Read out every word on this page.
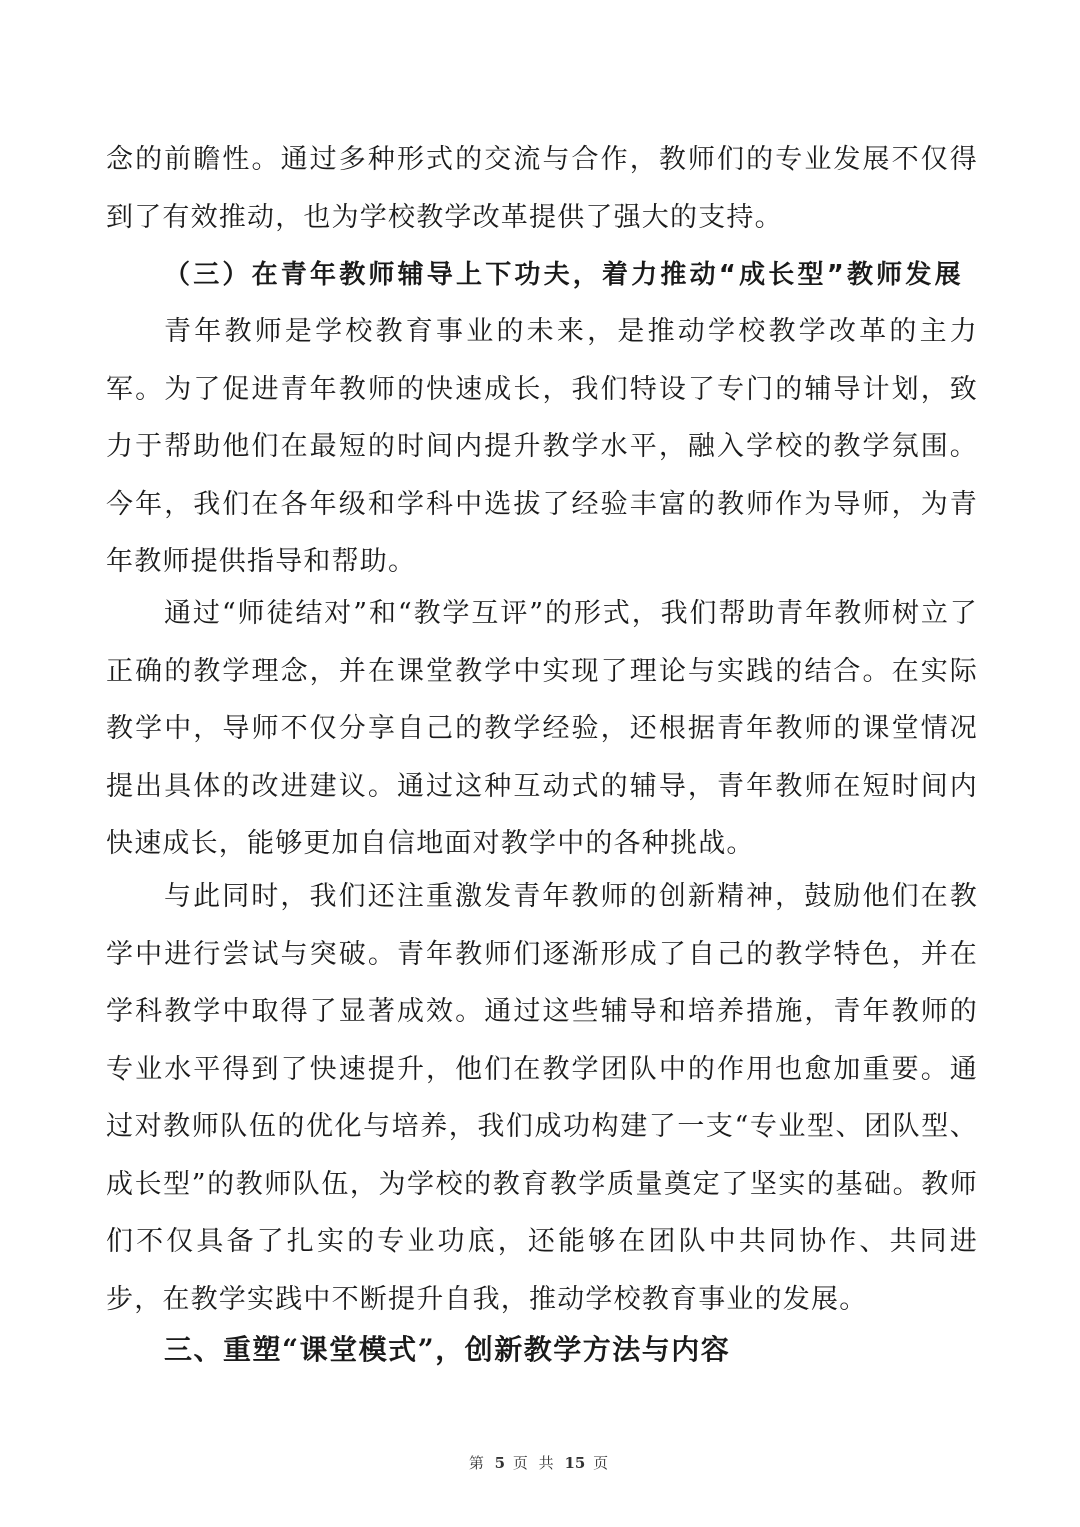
念的前瞻性。通过多种形式的交流与合作，教师们的专业发展不仅得到了有效推动，也为学校教学改革提供了强大的支持。

（三）在青年教师辅导上下功夫，着力推动“成长型”教师发展

青年教师是学校教育事业的未来，是推动学校教学改革的主力军。为了促进青年教师的快速成长，我们特设了专门的辅导计划，致力于帮助他们在最短的时间内提升教学水平，融入学校的教学氛围。今年，我们在各年级和学科中选拔了经验丰富的教师作为导师，为青年教师提供指导和帮助。

通过“师徒结对”和“教学互评”的形式，我们帮助青年教师树立了正确的教学理念，并在课堂教学中实现了理论与实践的结合。在实际教学中，导师不仅分享自己的教学经验，还根据青年教师的课堂情况提出具体的改进建议。通过这种互动式的辅导，青年教师在短时间内快速成长，能够更加自信地面对教学中的各种挑战。

与此同时，我们还注重激发青年教师的创新精神，鼓励他们在教学中进行尝试与突破。青年教师们逐渐形成了自己的教学特色，并在学科教学中取得了显著成效。通过这些辅导和培养措施，青年教师的专业水平得到了快速提升，他们在教学团队中的作用也愈加重要。通过对教师队伍的优化与培养，我们成功构建了一支“专业型、团队型、成长型”的教师队伍，为学校的教育教学质量奠定了坚实的基础。教师们不仅具备了扎实的专业功底，还能够在团队中共同协作、共同进步，在教学实践中不断提升自我，推动学校教育事业的发展。

三、重塑“课堂模式”，创新教学方法与内容
第 5 页 共 15 页
